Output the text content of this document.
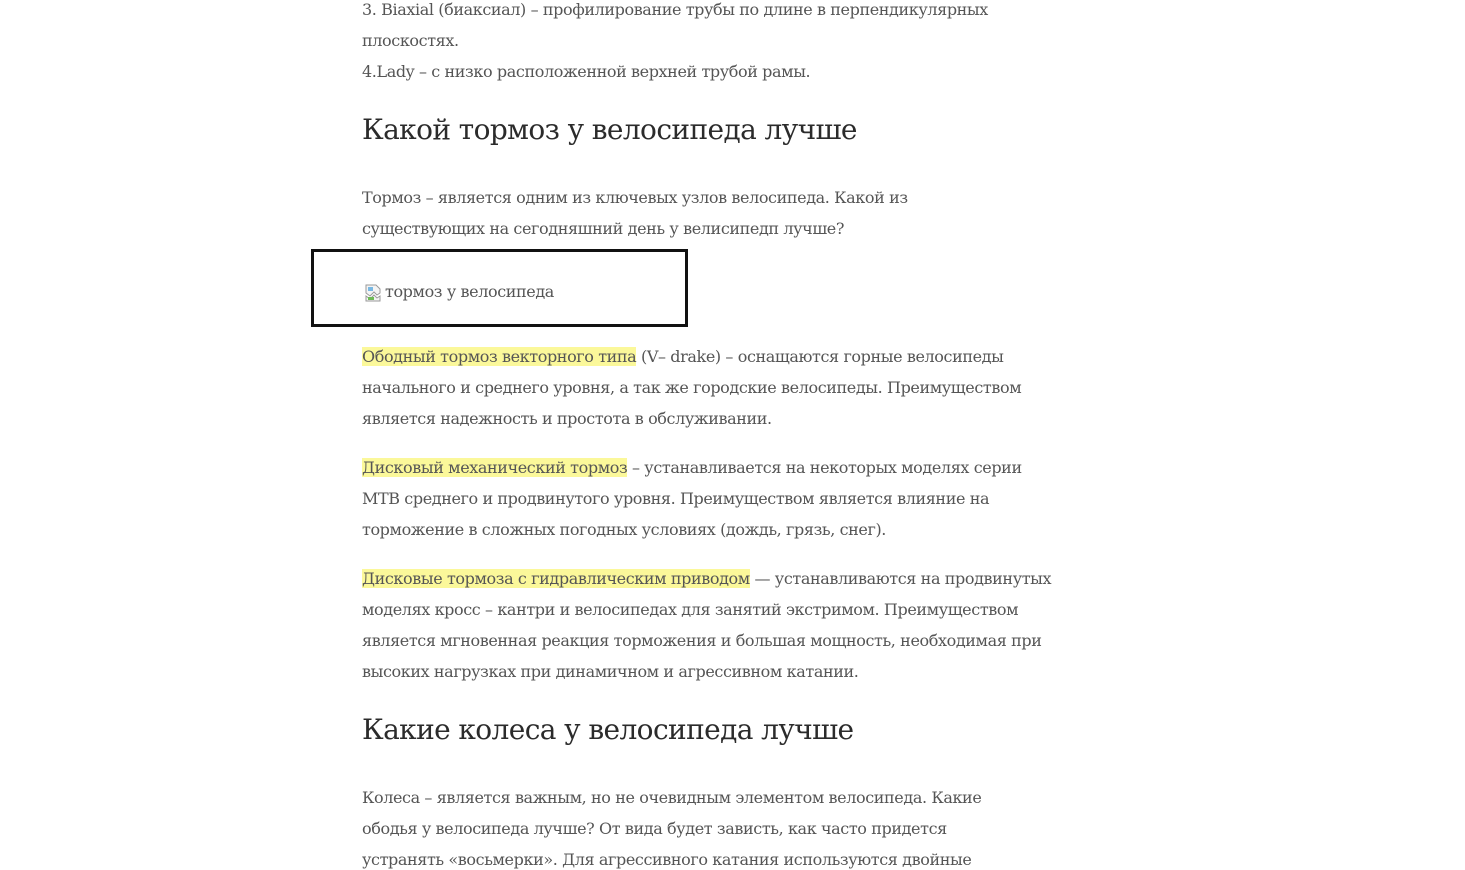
3. Biaxial (биаксиал) – профилирование трубы по длине в перпендикулярных
плоскостях.

4.Lady – с низко расположенной верхней трубой рамы.

Какой тормоз у велосипеда лучше

Тормоз – является одним из ключевых узлов велосипеда. Какой из существующих на сегодняшний день у велисипедп лучше?

тормоз у велосипеда

Ободный тормоз векторного типа (V– drake) – оснащаются горные велосипеды начального и среднего уровня, а так же городские велосипеды. Преимуществом является надежность и простота в обслуживании.

Дисковый механический тормоз – устанавливается на некоторых моделях серии МТВ среднего и продвинутого уровня. Преимуществом является влияние на торможение в сложных погодных условиях (дождь, грязь, снег).

Дисковые тормоза с гидравлическим приводом — устанавливаются на продвинутых моделях кросс – кантри и велосипедах для занятий экстримом. Преимуществом является мгновенная реакция торможения и большая мощность, необходимая при высоких нагрузках при динамичном и агрессивном катании.

Какие колеса у велосипеда лучше

Колеса – является важным, но не очевидным элементом велосипеда. Какие ободья у велосипеда лучше? От вида будет зависть, как часто придется устранять «восьмерки». Для агрессивного катания используются двойные
